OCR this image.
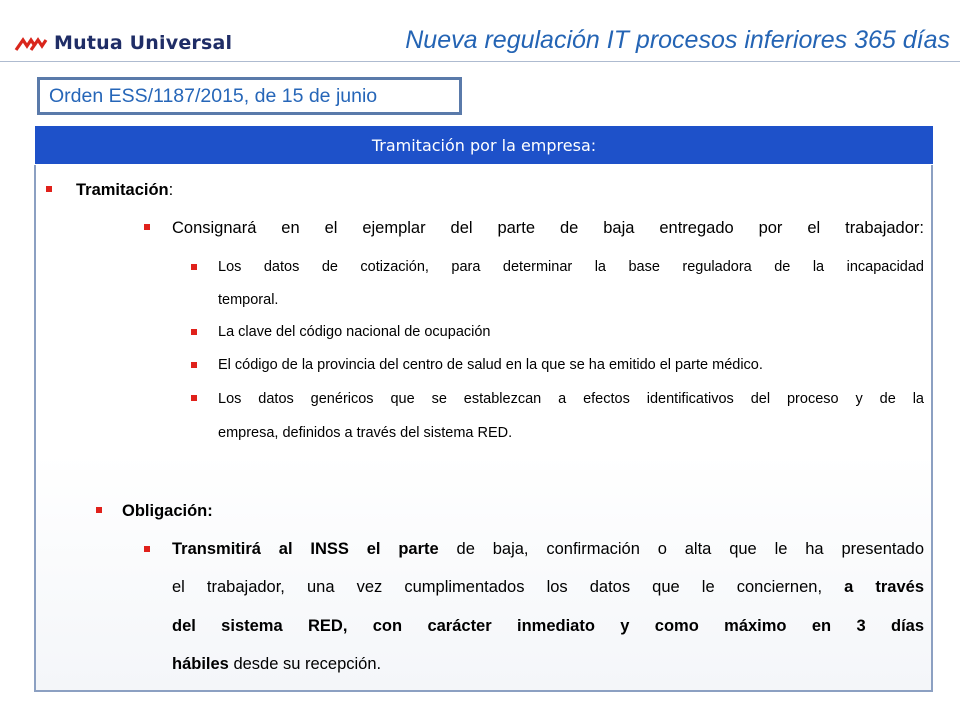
Mutua Universal	Nueva regulación IT procesos inferiores 365 días
Orden ESS/1187/2015, de 15 de junio
Tramitación por la empresa:
Tramitación:
Consignará en el ejemplar del parte de baja entregado por el trabajador:
Los datos de cotización, para determinar la base reguladora de la incapacidad
temporal.
La clave del código nacional de ocupación
El código de la provincia del centro de salud en la que se ha emitido el parte médico.
Los datos genéricos que se establezcan a efectos identificativos del proceso y de la
empresa, definidos a través del sistema RED.
Obligación:
Transmitirá al INSS el parte de baja, confirmación o alta que le ha presentado
el trabajador, una vez cumplimentados los datos que le conciernen, a través
del sistema RED, con carácter inmediato y como máximo en 3 días
hábiles desde su recepción.
